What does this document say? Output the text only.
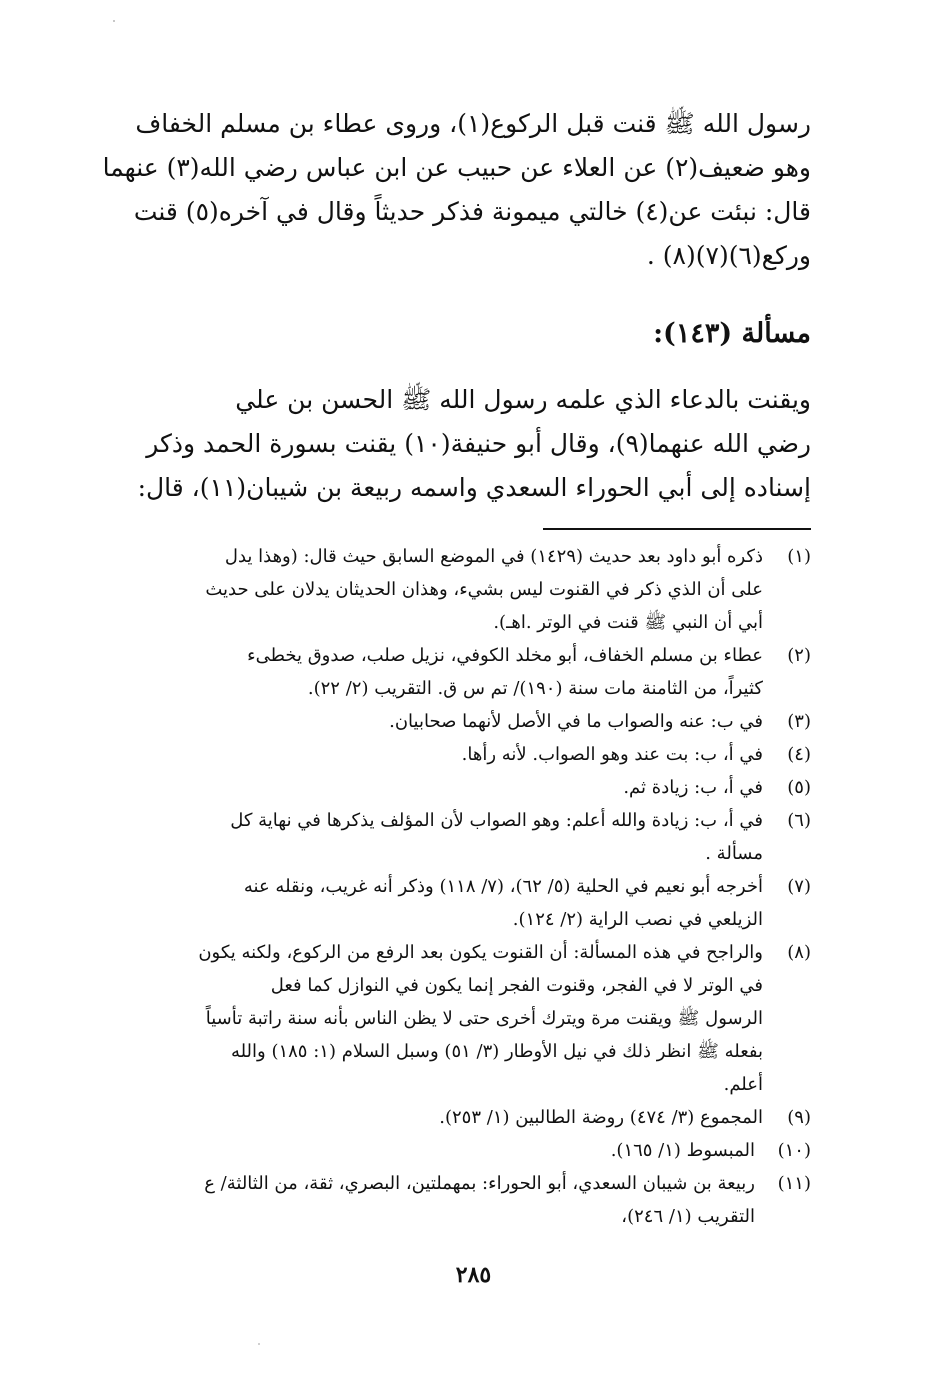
رسول الله ﷺ قنت قبل الركوع(١)، وروى عطاء بن مسلم الخفاف
وهو ضعيف(٢) عن العلاء عن حبيب عن ابن عباس رضي الله(٣) عنهما
قال: نبئت عن(٤) خالتي ميمونة فذكر حديثاً وقال في آخره(٥) قنت
وركع(٦)(٧)(٨) .

مسألة (١٤٣):

ويقنت بالدعاء الذي علمه رسول الله ﷺ الحسن بن علي
رضي الله عنهما(٩)، وقال أبو حنيفة(١٠) يقنت بسورة الحمد وذكر
إسناده إلى أبي الحوراء السعدي واسمه ربيعة بن شيبان(١١)، قال:

(١)
ذكره أبو داود بعد حديث (١٤٢٩) في الموضع السابق حيث قال: (وهذا يدل
على أن الذي ذكر في القنوت ليس بشيء، وهذان الحديثان يدلان على حديث
أبي أن النبي ﷺ قنت في الوتر .اهـ).
(٢)
عطاء بن مسلم الخفاف، أبو مخلد الكوفي، نزيل صلب، صدوق يخطىء
كثيراً، من الثامنة مات سنة (١٩٠)/ تم س ق. التقريب (٢/ ٢٢).
(٣)
في ب: عنه والصواب ما في الأصل لأنهما صحابيان.
(٤)
في أ، ب: بت عند وهو الصواب. لأنه رأها.
(٥)
في أ، ب: زيادة ثم.
(٦)
في أ، ب: زيادة والله أعلم: وهو الصواب لأن المؤلف يذكرها في نهاية كل
مسألة .
(٧)
أخرجه أبو نعيم في الحلية (٥/ ٦٢)، (٧/ ١١٨) وذكر أنه غريب، ونقله عنه
الزيلعي في نصب الراية (٢/ ١٢٤).
(٨)
والراجح في هذه المسألة: أن القنوت يكون بعد الرفع من الركوع، ولكنه يكون
في الوتر لا في الفجر، وقنوت الفجر إنما يكون في النوازل كما فعل
الرسول ﷺ ويقنت مرة ويترك أخرى حتى لا يظن الناس بأنه سنة راتبة تأسياً
بفعله ﷺ انظر ذلك في نيل الأوطار (٣/ ٥١) وسبل السلام (١: ١٨٥) والله
أعلم.
(٩)
المجموع (٣/ ٤٧٤) روضة الطالبين (١/ ٢٥٣).
(١٠)
المبسوط (١/ ١٦٥).
(١١)
ربيعة بن شيبان السعدي، أبو الحوراء: بمهملتين، البصري، ثقة، من الثالثة/ ع
التقريب (١/ ٢٤٦)،
٢٨٥
